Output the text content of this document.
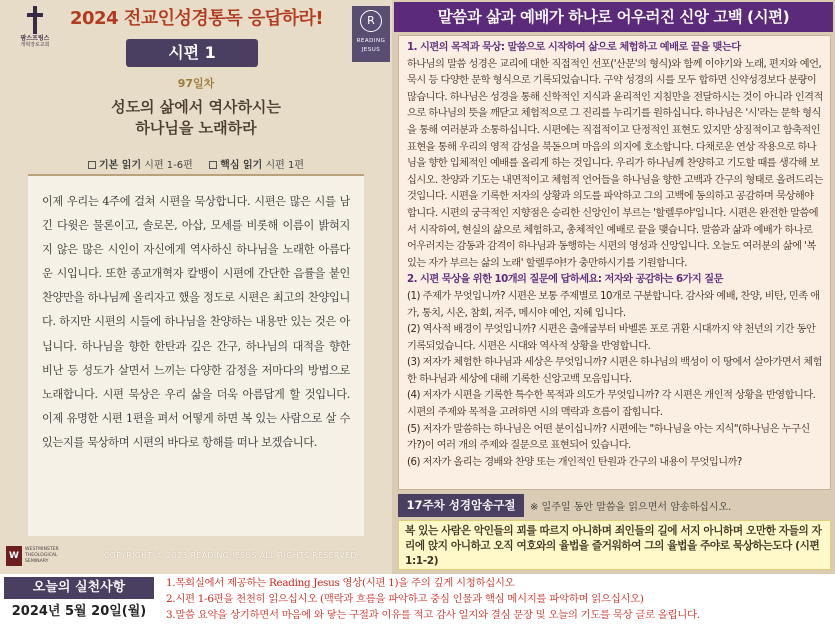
팜스프링스
개혁장로교회
2024 전교인성경통독 응답하라!
시편 1
97일차
성도의 삶에서 역사하시는
하나님을 노래하라
기본 읽기 시편 1-6편	핵심 읽기 시편 1편
이제 우리는 4주에 걸쳐 시편을 묵상합니다. 시편은 많은 시를 남긴 다윗은 물론이고, 솔로몬, 아삽, 모세를 비롯해 이름이 밝혀지지 않은 많은 시인이 자신에게 역사하신 하나님을 노래한 아름다운 시입니다. 또한 종교개혁자 칼뱅이 시편에 간단한 음률을 붙인 찬양만을 하나님께 올리자고 했을 정도로 시편은 최고의 찬양입니다. 하지만 시편의 시들에 하나님을 찬양하는 내용만 있는 것은 아닙니다. 하나님을 향한 한탄과 깊은 간구, 하나님의 대적을 향한 비난 등 성도가 살면서 느끼는 다양한 감정을 저마다의 방법으로 노래합니다. 시편 묵상은 우리 삶을 더욱 아름답게 할 것입니다. 이제 유명한 시편 1편을 펴서 어떻게 하면 복 있는 사람으로 살 수 있는지를 묵상하며 시편의 바다로 항해를 떠나 보겠습니다.
W
WESTMINSTER
THEOLOGICAL
SEMINARY
COPYRIGHT © 2023 READING JESUS ALL RIGHTS RESERVED.
R
READING
JESUS
말씀과 삶과 예배가 하나로 어우러진 신앙 고백 (시편)
1. 시편의 목적과 묵상: 말씀으로 시작하여 삶으로 체험하고 예배로 끝을 맺는다
하나님의 말씀 성경은 교리에 대한 직접적인 선포('산문'의 형식)와 함께 이야기와 노래, 편지와 예언, 묵시 등 다양한 문학 형식으로 기록되었습니다. 구약 성경의 시를 모두 합하면 신약성경보다 분량이 많습니다. 하나님은 성경을 통해 신학적인 지식과 윤리적인 지침만을 전달하시는 것이 아니라 인격적으로 하나님의 뜻을 깨닫고 체험적으로 그 진리를 누리기를 원하십니다. 하나님은 '시'라는 문학 형식을 통해 여러분과 소통하십니다. 시편에는 직접적이고 단정적인 표현도 있지만 상징적이고 함축적인 표현을 통해 우리의 영적 감성을 북돋으며 마음의 의지에 호소합니다. 다채로운 연상 작용으로 하나님을 향한 입체적인 예배를 올리게 하는 것입니다. 우리가 하나님께 찬양하고 기도할 때를 생각해 보십시오. 찬양과 기도는 내면적이고 체험적 언어들을 하나님을 향한 고백과 간구의 형태로 올려드리는 것입니다. 시편을 기록한 저자의 상황과 의도를 파악하고 그의 고백에 동의하고 공감하며 묵상해야 합니다. 시편의 궁극적인 지향점은 승리한 신앙인이 부르는 '할렐루야'입니다. 시편은 완전한 말씀에서 시작하여, 현실의 삶으로 체험하고, 총체적인 예배로 끝을 맺습니다. 말씀과 삶과 예배가 하나로 어우러지는 감동과 감격이 하나님과 동행하는 시편의 영성과 신앙입니다. 오늘도 여러분의 삶에 '복 있는 자가 부르는 삶의 노래' 할렐루야!가 충만하시기를 기원합니다.
2. 시편 묵상을 위한 10개의 질문에 답하세요: 저자와 공감하는 6가지 질문
(1) 주제가 무엇입니까? 시편은 보통 주제별로 10개로 구분합니다. 감사와 예배, 찬양, 비탄, 민족 애가, 통치, 시온, 참회, 저주, 메시야 예언, 지혜 입니다.
(2) 역사적 배경이 무엇입니까? 시편은 출애굽부터 바벨론 포로 귀환 시대까지 약 천년의 기간 동안 기록되었습니다. 시편은 시대와 역사적 상황을 반영합니다.
(3) 저자가 체험한 하나님과 세상은 무엇입니까? 시편은 하나님의 백성이 이 땅에서 살아가면서 체험한 하나님과 세상에 대해 기록한 신앙고백 모음입니다.
(4) 저자가 시편을 기록한 특수한 목적과 의도가 무엇입니까? 각 시편은 개인적 상황을 반영합니다. 시편의 주제와 목적을 고려하면 시의 맥락과 흐름이 잡힙니다.
(5) 저자가 말씀하는 하나님은 어떤 분이십니까? 시편에는 "하나님을 아는 지식"(하나님은 누구신가?)이 여러 개의 주제와 질문으로 표현되어 있습니다.
(6) 저자가 올리는 경배와 찬양 또는 개인적인 탄원과 간구의 내용이 무엇입니까?
17주차 성경암송구절	※ 일주일 동안 말씀을 읽으면서 암송하십시오.
복 있는 사람은 악인들의 꾀를 따르지 아니하며 죄인들의 길에 서지 아니하며 오만한 자들의 자리에 앉지 아니하고 오직 여호와의 율법을 즐거워하여 그의 율법을 주야로 묵상하는도다 (시편 1:1-2)
오늘의 실천사항
2024년 5월 20일(월)
1.목회실에서 제공하는 Reading Jesus 영상(시편 1)을 주의 깊게 시청하십시오
2.시편 1-6편을 천천히 읽으십시오 (맥락과 흐름을 파악하고 중심 인물과 핵심 메시지를 파악하며 읽으십시오)
3.말씀 요약을 상기하면서 마음에 와 닿는 구절과 이유를 적고 감사 일지와 결심 문장 및 오늘의 기도를 묵상 글로 올립니다.
